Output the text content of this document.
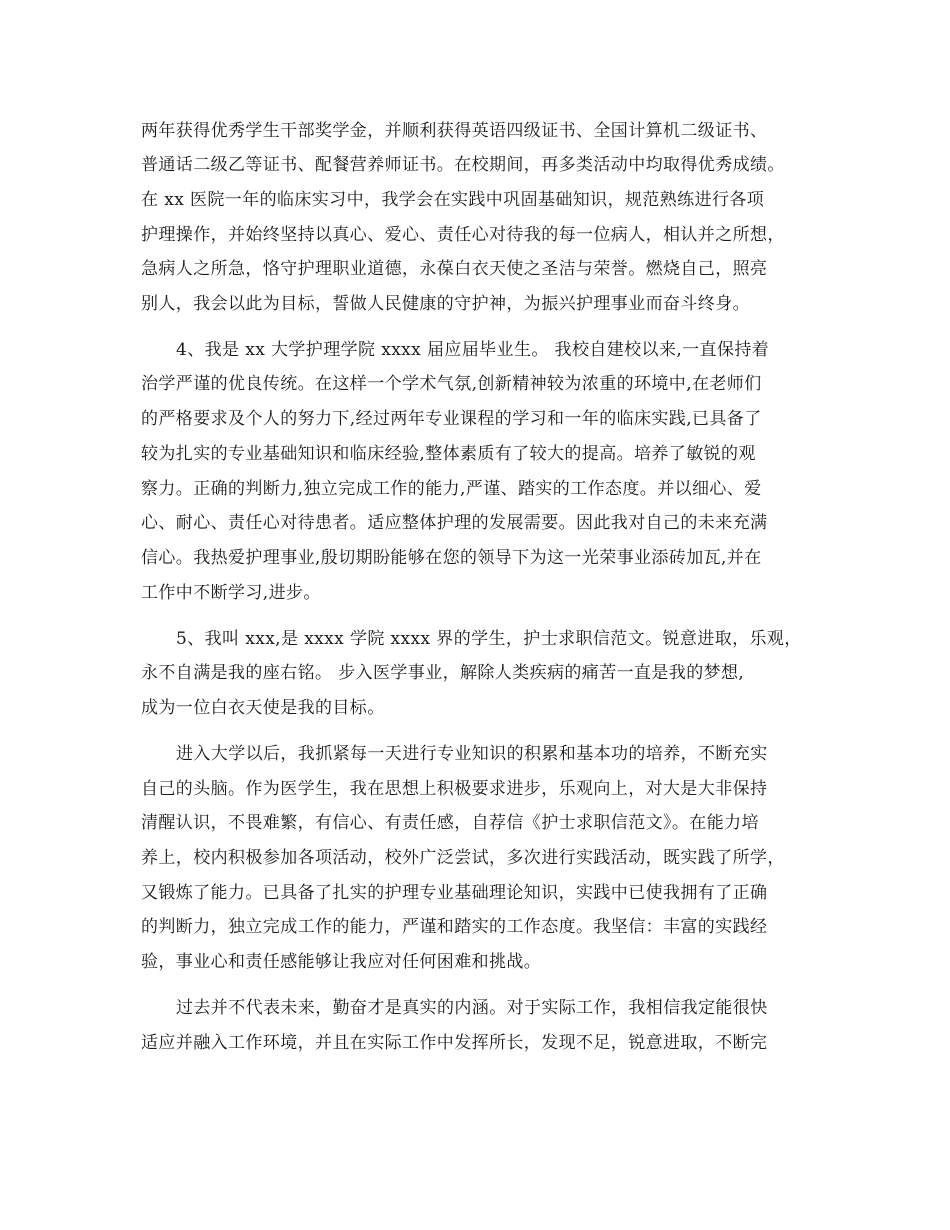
两年获得优秀学生干部奖学金，并顺利获得英语四级证书、全国计算机二级证书、
普通话二级乙等证书、配餐营养师证书。在校期间，再多类活动中均取得优秀成绩。
在 xx 医院一年的临床实习中，我学会在实践中巩固基础知识，规范熟练进行各项
护理操作，并始终坚持以真心、爱心、责任心对待我的每一位病人，相认并之所想，
急病人之所急，恪守护理职业道德，永葆白衣天使之圣洁与荣誉。燃烧自己，照亮
别人，我会以此为目标，誓做人民健康的守护神，为振兴护理事业而奋斗终身。
4、我是 xx 大学护理学院 xxxx 届应届毕业生。 我校自建校以来,一直保持着
治学严谨的优良传统。在这样一个学术气氛,创新精神较为浓重的环境中,在老师们
的严格要求及个人的努力下,经过两年专业课程的学习和一年的临床实践,已具备了
较为扎实的专业基础知识和临床经验,整体素质有了较大的提高。培养了敏锐的观
察力。正确的判断力,独立完成工作的能力,严谨、踏实的工作态度。并以细心、爱
心、耐心、责任心对待患者。适应整体护理的发展需要。因此我对自己的未来充满
信心。我热爱护理事业,殷切期盼能够在您的领导下为这一光荣事业添砖加瓦,并在
工作中不断学习,进步。
5、我叫 xxx,是 xxxx 学院 xxxx 界的学生，护士求职信范文。锐意进取，乐观，
永不自满是我的座右铭。 步入医学事业，解除人类疾病的痛苦一直是我的梦想,
成为一位白衣天使是我的目标。
进入大学以后，我抓紧每一天进行专业知识的积累和基本功的培养，不断充实
自己的头脑。作为医学生，我在思想上积极要求进步，乐观向上，对大是大非保持
清醒认识，不畏难繁，有信心、有责任感，自荐信《护士求职信范文》。在能力培
养上，校内积极参加各项活动，校外广泛尝试，多次进行实践活动，既实践了所学，
又锻炼了能力。已具备了扎实的护理专业基础理论知识，实践中已使我拥有了正确
的判断力，独立完成工作的能力，严谨和踏实的工作态度。我坚信：丰富的实践经
验，事业心和责任感能够让我应对任何困难和挑战。
过去并不代表未来，勤奋才是真实的内涵。对于实际工作，我相信我定能很快
适应并融入工作环境，并且在实际工作中发挥所长，发现不足，锐意进取，不断完
